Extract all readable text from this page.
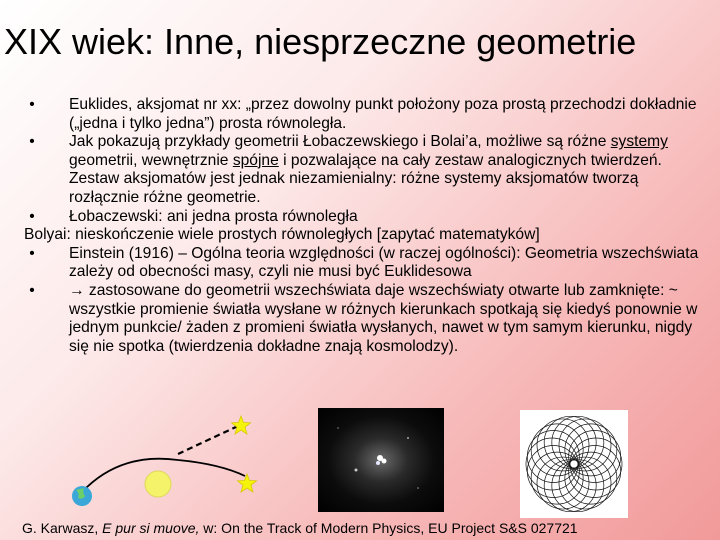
XIX wiek: Inne, niesprzeczne geometrie
•	Euklides, aksjomat nr xx: „przez dowolny punkt położony poza prostą przechodzi dokładnie („jedna i tylko jedna”) prosta równoległa.
•	Jak pokazują przykłady geometrii Łobaczewskiego i Bolai’a, możliwe są różne systemy geometrii, wewnętrznie spójne i pozwalające na cały zestaw analogicznych twierdzeń. Zestaw aksjomatów jest jednak niezamienialny: różne systemy aksjomatów tworzą rozłącznie różne geometrie.
•	Łobaczewski: ani jedna prosta równoległa
Bolyai: nieskończenie wiele prostych równoległych [zapytać matematyków]
•	Einstein (1916) – Ogólna teoria względności (w raczej ogólności): Geometria wszechświata zależy od obecności masy, czyli nie musi być Euklidesowa
•	→ zastosowane do geometrii wszechświata daje wszechświaty otwarte lub zamknięte: ~ wszystkie promienie światła wysłane w różnych kierunkach spotkają się kiedyś ponownie w jednym punkcie/ żaden z promieni światła wysłanych, nawet w tym samym kierunku, nigdy się nie spotka (twierdzenia dokładne znają kosmolodzy).
G. Karwasz, E pur si muove, w: On the Track of Modern Physics, EU Project S&S 027721
